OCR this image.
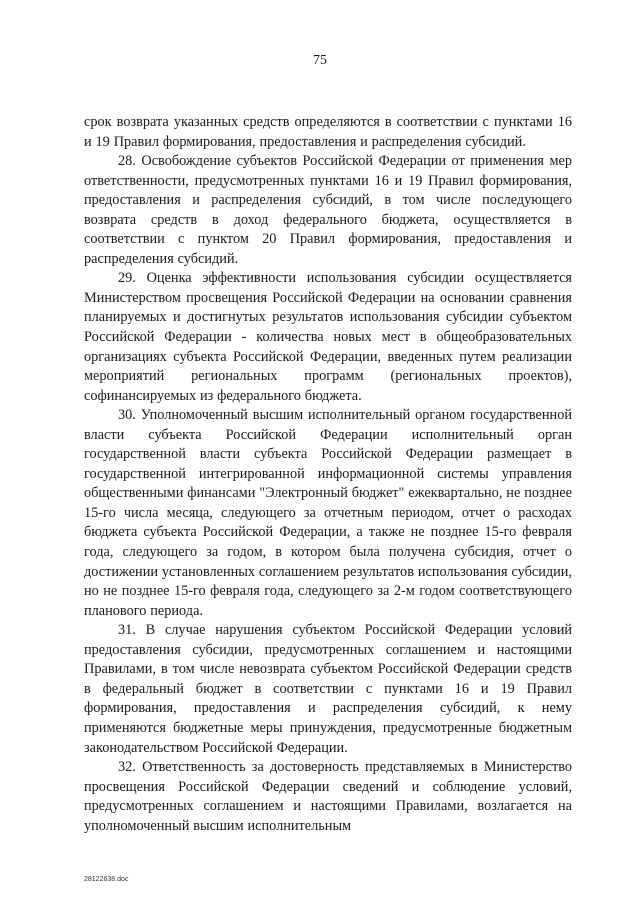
75

срок возврата указанных средств определяются в соответствии с пунктами 16 и 19 Правил формирования, предоставления и распределения субсидий.

28. Освобождение субъектов Российской Федерации от применения мер ответственности, предусмотренных пунктами 16 и 19 Правил формирования, предоставления и распределения субсидий, в том числе последующего возврата средств в доход федерального бюджета, осуществляется в соответствии с пунктом 20 Правил формирования, предоставления и распределения субсидий.

29. Оценка эффективности использования субсидии осуществляется Министерством просвещения Российской Федерации на основании сравнения планируемых и достигнутых результатов использования субсидии субъектом Российской Федерации - количества новых мест в общеобразовательных организациях субъекта Российской Федерации, введенных путем реализации мероприятий региональных программ (региональных проектов), софинансируемых из федерального бюджета.

30. Уполномоченный высшим исполнительный органом государственной власти субъекта Российской Федерации исполнительный орган государственной власти субъекта Российской Федерации размещает в государственной интегрированной информационной системы управления общественными финансами "Электронный бюджет" ежеквартально, не позднее 15-го числа месяца, следующего за отчетным периодом, отчет о расходах бюджета субъекта Российской Федерации, а также не позднее 15-го февраля года, следующего за годом, в котором была получена субсидия, отчет о достижении установленных соглашением результатов использования субсидии, но не позднее 15-го февраля года, следующего за 2-м годом соответствующего планового периода.

31. В случае нарушения субъектом Российской Федерации условий предоставления субсидии, предусмотренных соглашением и настоящими Правилами, в том числе невозврата субъектом Российской Федерации средств в федеральный бюджет в соответствии с пунктами 16 и 19 Правил формирования, предоставления и распределения субсидий, к нему применяются бюджетные меры принуждения, предусмотренные бюджетным законодательством Российской Федерации.

32. Ответственность за достоверность представляемых в Министерство просвещения Российской Федерации сведений и соблюдение условий, предусмотренных соглашением и настоящими Правилами, возлагается на уполномоченный высшим исполнительным

28122638.doc
